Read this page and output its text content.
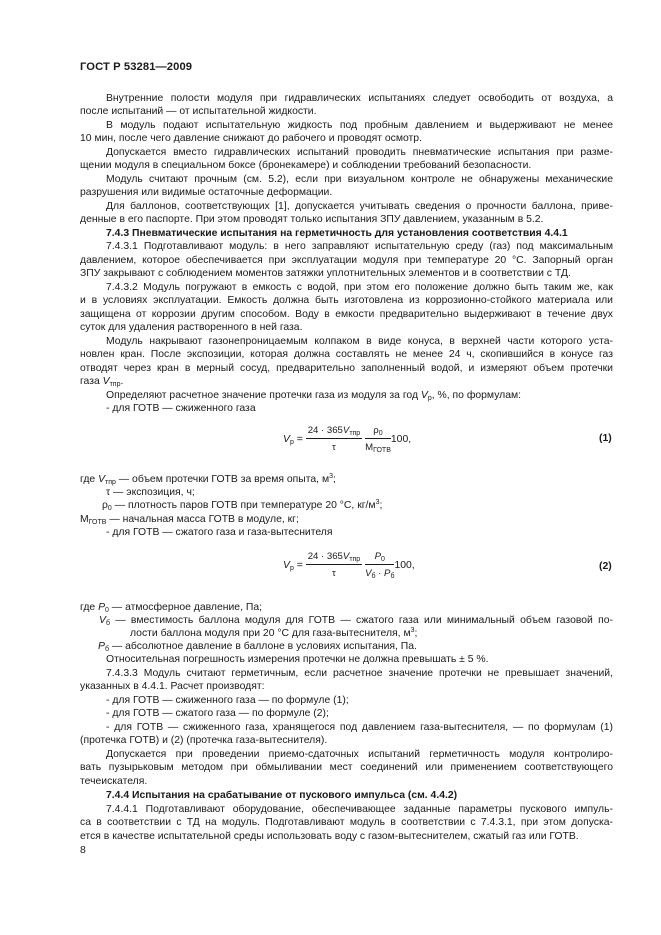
ГОСТ Р 53281—2009
Внутренние полости модуля при гидравлических испытаниях следует освободить от воздуха, а
после испытаний — от испытательной жидкости.
В модуль подают испытательную жидкость под пробным давлением и выдерживают не менее
10 мин, после чего давление снижают до рабочего и проводят осмотр.
Допускается вместо гидравлических испытаний проводить пневматические испытания при разме-
щении модуля в специальном боксе (бронекамере) и соблюдении требований безопасности.
Модуль считают прочным (см. 5.2), если при визуальном контроле не обнаружены механические
разрушения или видимые остаточные деформации.
Для баллонов, соответствующих [1], допускается учитывать сведения о прочности баллона, приве-
денные в его паспорте. При этом проводят только испытания ЗПУ давлением, указанным в 5.2.
7.4.3 Пневматические испытания на герметичность для установления соответствия 4.4.1
7.4.3.1 Подготавливают модуль: в него заправляют испытательную среду (газ) под максимальным
давлением, которое обеспечивается при эксплуатации модуля при температуре 20 °С. Запорный орган
ЗПУ закрывают с соблюдением моментов затяжки уплотнительных элементов и в соответствии с ТД.
7.4.3.2 Модуль погружают в емкость с водой, при этом его положение должно быть таким же, как
и в условиях эксплуатации. Емкость должна быть изготовлена из коррозионно-стойкого материала или
защищена от коррозии другим способом. Воду в емкости предварительно выдерживают в течение двух
суток для удаления растворенного в ней газа.
Модуль накрывают газонепроницаемым колпаком в виде конуса, в верхней части которого уста-
новлен кран. После экспозиции, которая должна составлять не менее 24 ч, скопившийся в конусе газ
отводят через кран в мерный сосуд, предварительно заполненный водой, и измеряют объем протечки
газа $V_{тпр}$.
Определяют расчетное значение протечки газа из модуля за год $V_р$, %, по формулам:
- для ГОТВ — сжиженного газа
$V_р = \frac{24 \cdot 365V_{тпр}}{\tau}$
$\frac{\rho_0}{M_{ГОТВ}} 100$,	(1)
где $V_{тпр}$ — объем протечки ГОТВ за время опыта, $м^3$;
τ — экспозиция, ч;
$\rho_0$ — плотность паров ГОТВ при температуре 20 °С, $кг/м^3$;
$M_{ГОТВ}$ — начальная масса ГОТВ в модуле, кг;
- для ГОТВ — сжатого газа и газа-вытеснителя
$V_р = \frac{24 \cdot 365V_{тпр}}{\tau}$
$\frac{P_0}{V_б \cdot P_б} 100$,	(2)
где $P_0$ — атмосферное давление, Па;
$V_б$ — вместимость баллона модуля для ГОТВ — сжатого газа или минимальный объем газовой по-
лости баллона модуля при 20 °С для газа-вытеснителя, $м^3$;
$P_б$ — абсолютное давление в баллоне в условиях испытания, Па.
Относительная погрешность измерения протечки не должна превышать ± 5 %.
7.4.3.3 Модуль считают герметичным, если расчетное значение протечки не превышает значений,
указанных в 4.4.1. Расчет производят:
- для ГОТВ — сжиженного газа — по формуле (1);
- для ГОТВ — сжатого газа — по формуле (2);
- для ГОТВ — сжиженного газа, хранящегося под давлением газа-вытеснителя, — по формулам (1)
(протечка ГОТВ) и (2) (протечка газа-вытеснителя).
Допускается при проведении приемо-сдаточных испытаний герметичность модуля контролиро-
вать пузырьковым методом при обмыливании мест соединений или применением соответствующего
течеискателя.
7.4.4 Испытания на срабатывание от пускового импульса (см. 4.4.2)
7.4.4.1 Подготавливают оборудование, обеспечивающее заданные параметры пускового импуль-
са в соответствии с ТД на модуль. Подготавливают модуль в соответствии с 7.4.3.1, при этом допуска-
ется в качестве испытательной среды использовать воду с газом-вытеснителем, сжатый газ или ГОТВ.
8
